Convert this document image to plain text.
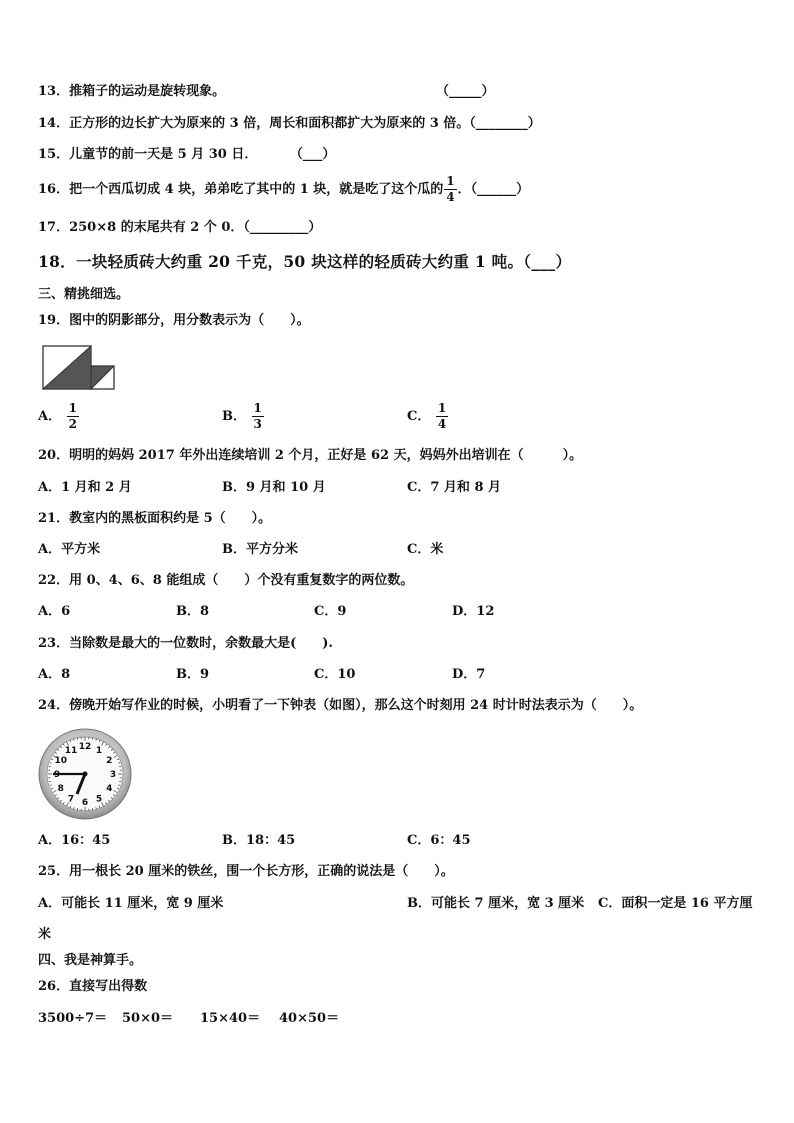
13．推箱子的运动是旋转现象。	（_____）
14．正方形的边长扩大为原来的 3 倍，周长和面积都扩大为原来的 3 倍。（________）
15．儿童节的前一天是 5 月 30 日．	（___）
16．把一个西瓜切成 4 块，弟弟吃了其中的 1 块，就是吃了这个瓜的 $\frac{1}{4}$ ．（______）
17．250×8 的末尾共有 2 个 0．（_________）
18．一块轻质砖大约重 20 千克，50 块这样的轻质砖大约重 1 吨。（___）
三、精挑细选。
19．图中的阴影部分，用分数表示为（　　）。
A． $\frac{1}{2}$	B． $\frac{1}{3}$	C． $\frac{1}{4}$
20．明明的妈妈 2017 年外出连续培训 2 个月，正好是 62 天，妈妈外出培训在（　　　）。
A．1 月和 2 月	B．9 月和 10 月	C．7 月和 8 月
21．教室内的黑板面积约是 5（　　）。
A．平方米	B．平方分米	C．米
22．用 0、4、6、8 能组成（　　）个没有重复数字的两位数。
A．6	B．8	C．9	D．12
23．当除数是最大的一位数时，余数最大是(　　).
A．8	B．9	C．10	D．7
24．傍晚开始写作业的时候，小明看了一下钟表（如图），那么这个时刻用 24 时计时法表示为（　　）。
12 1
2
3
4
5
6
7
8
9
10
11
A．16：45	B．18：45	C．6：45
25．用一根长 20 厘米的铁丝，围一个长方形，正确的说法是（　　）。
A．可能长 11 厘米，宽 9 厘米	B．可能长 7 厘米，宽 3 厘米 C．面积一定是 16 平方厘
米
四、我是神算手。
26．直接写出得数
3500÷7＝ 50×0＝ 15×40＝ 40×50＝
